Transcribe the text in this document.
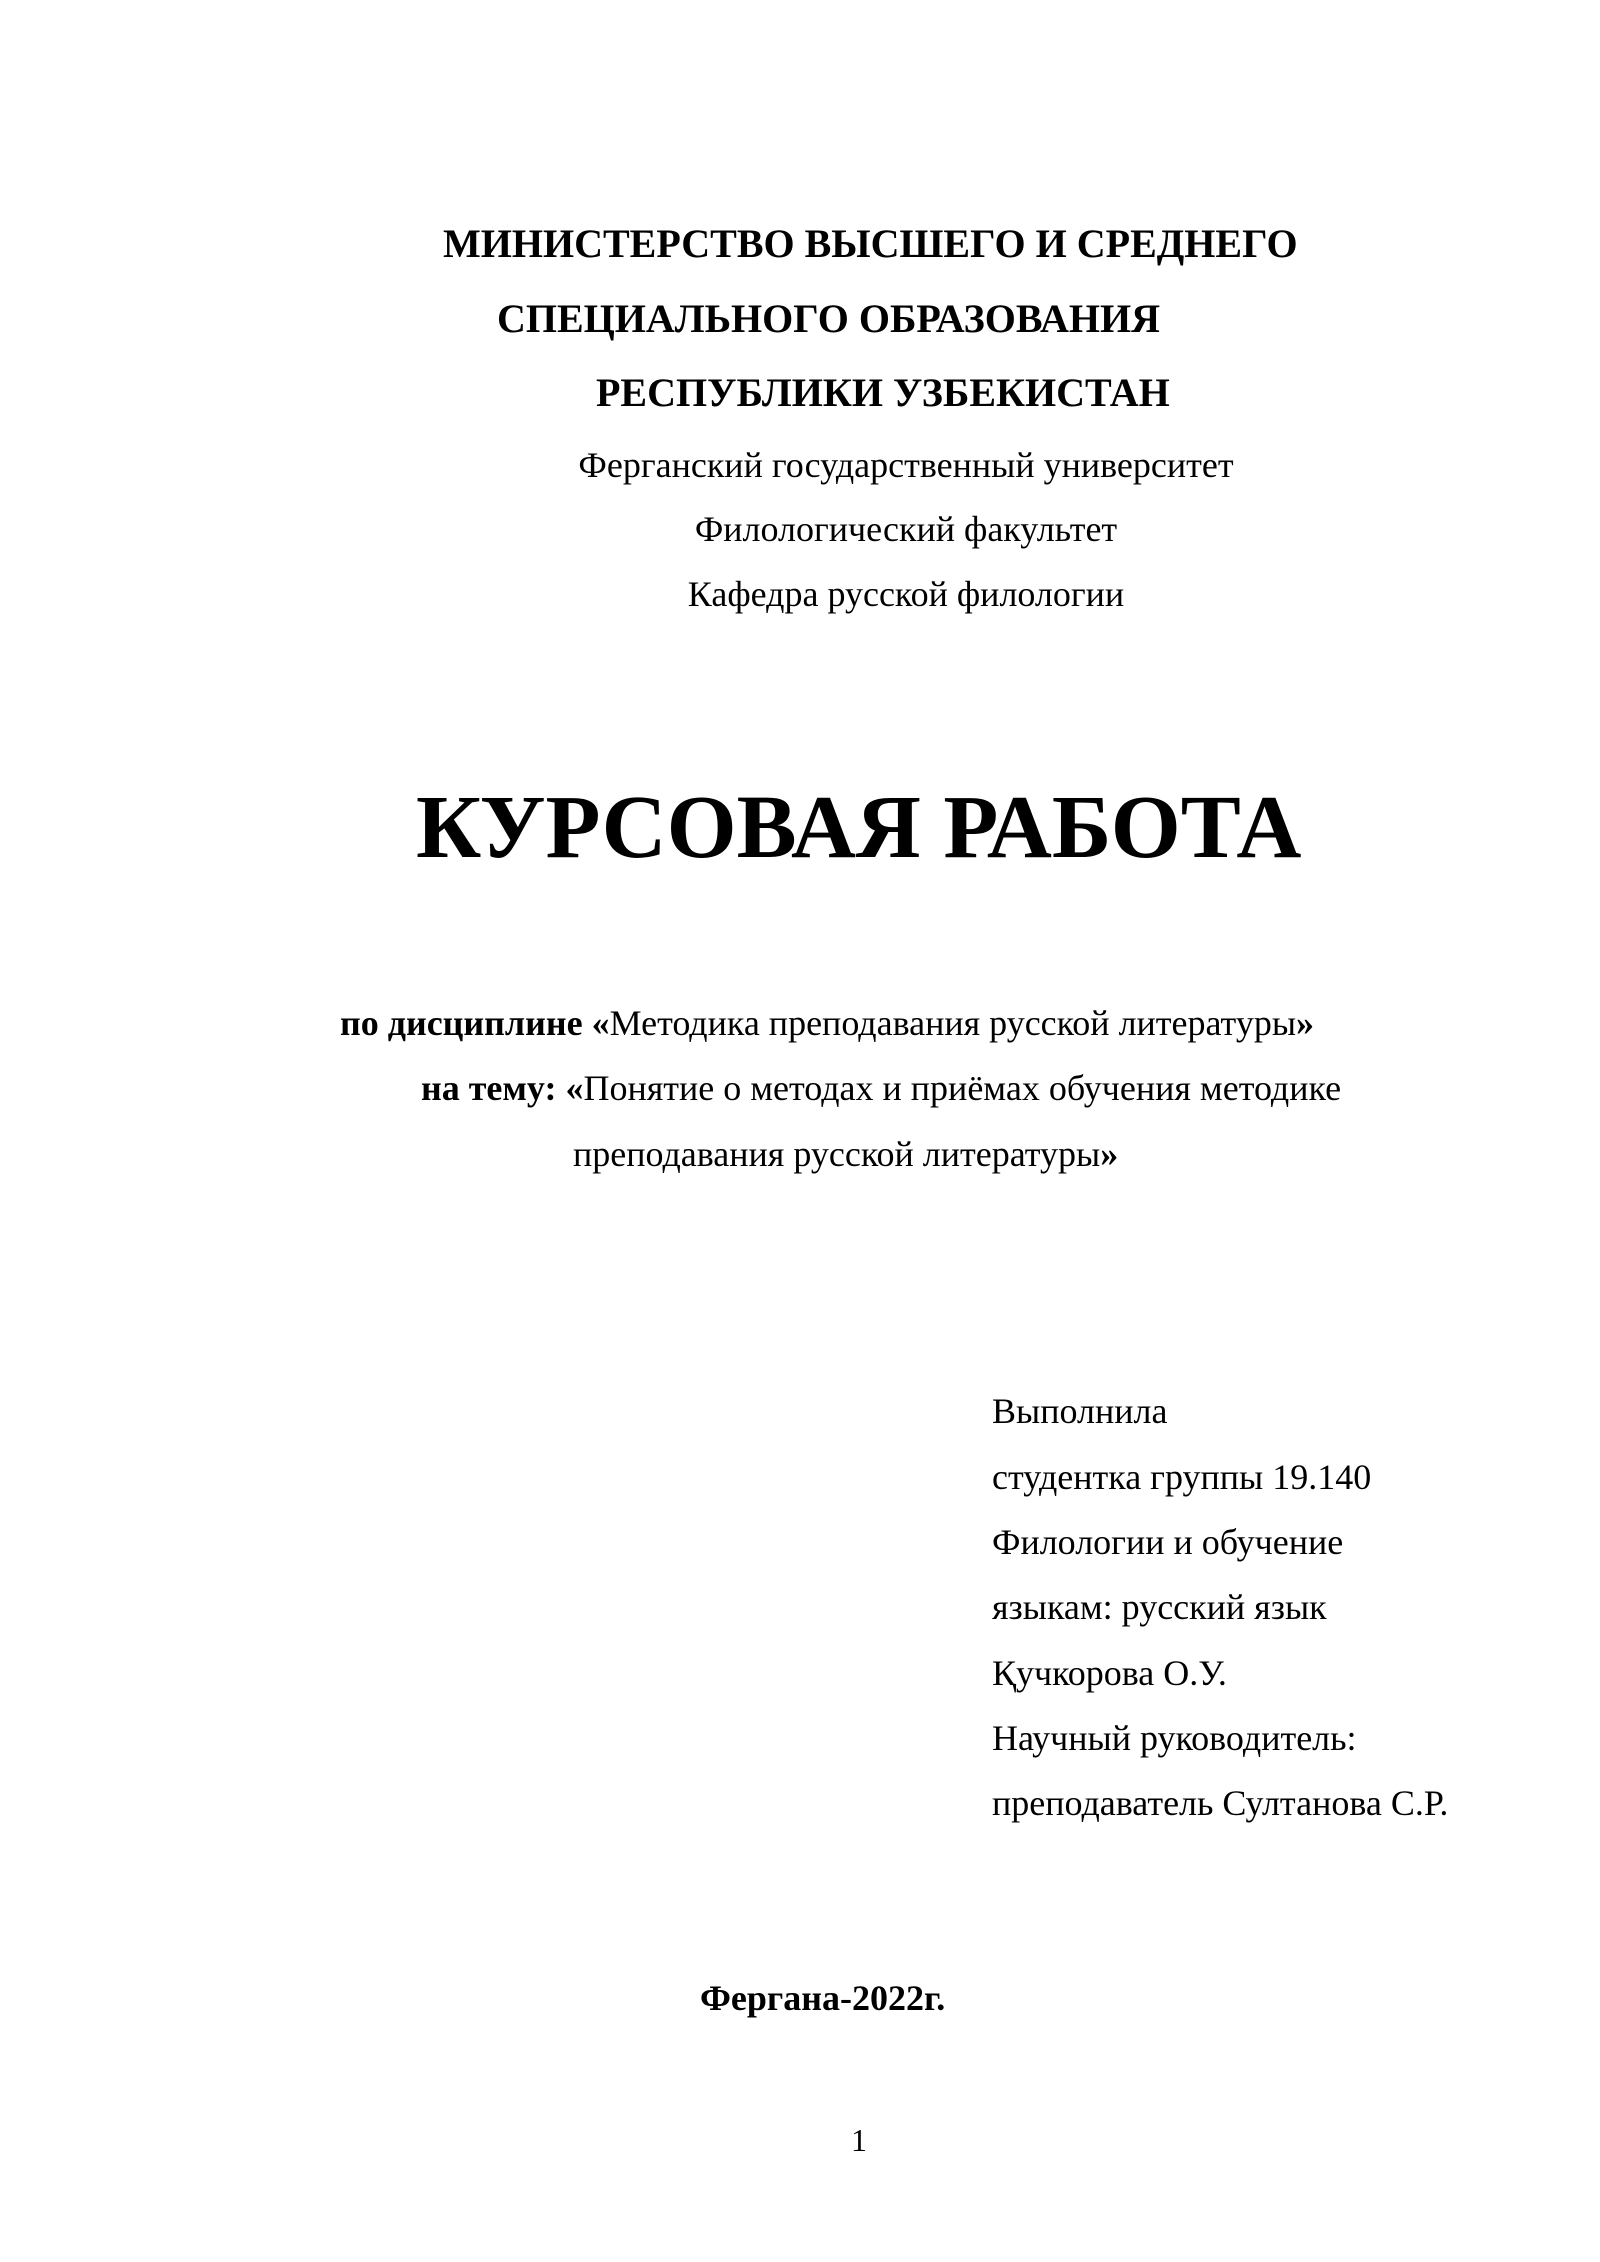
МИНИСТЕРСТВО ВЫСШЕГО И СРЕДНЕГО
СПЕЦИАЛЬНОГО ОБРАЗОВАНИЯ
РЕСПУБЛИКИ УЗБЕКИСТАН
Ферганский государственный университет
Филологический факультет
Кафедра русской филологии
КУРСОВАЯ РАБОТА
по дисциплине «Методика преподавания русской литературы»
на тему: «Понятие о методах и приёмах обучения методике
преподавания русской литературы»
Выполнила
студентка группы 19.140
Филологии и обучение
языкам: русский язык
Қучкорова О.У.
Научный руководитель:
преподаватель Султанова С.Р.
Фергана-2022г.
1
